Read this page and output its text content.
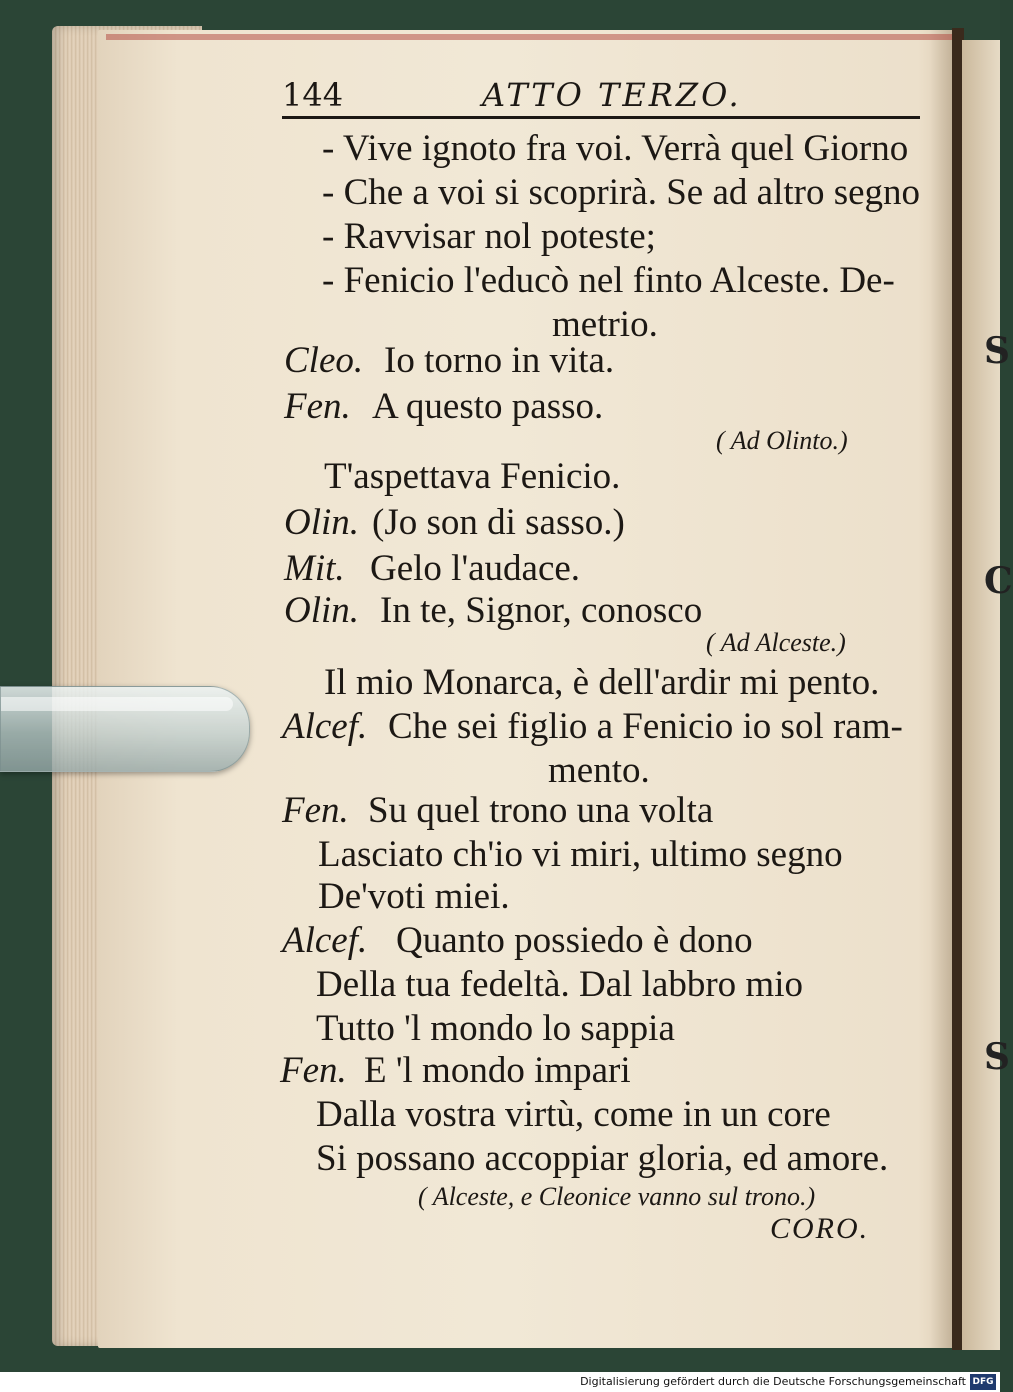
S
C
S
144	ATTO TERZO.
- Vive ignoto fra voi. Verrà quel Giorno
- Che a voi si scoprirà. Se ad altro segno
- Ravvisar nol poteste;
- Fenicio l'educò nel finto Alceste. De-
metrio.
Cleo. Io torno in vita.
Fen. A questo passo.
( Ad Olinto.)
T'aspettava Fenicio.
Olin. (Jo son di sasso.)
Mit. Gelo l'audace.
Olin. In te, Signor, conosco
( Ad Alceste.)
Il mio Monarca, è dell'ardir mi pento.
Alcef. Che sei figlio a Fenicio io sol ram-
mento.
Fen. Su quel trono una volta
Lasciato ch'io vi miri, ultimo segno
De'voti miei.
Alcef. Quanto possiedo è dono
Della tua fedeltà. Dal labbro mio
Tutto 'l mondo lo sappia
Fen. E 'l mondo impari
Dalla vostra virtù, come in un core
Si possano accoppiar gloria, ed amore.
( Alceste, e Cleonice vanno sul trono.)
CORO.
Digitalisierung gefördert durch die Deutsche Forschungsgemeinschaft DFG
